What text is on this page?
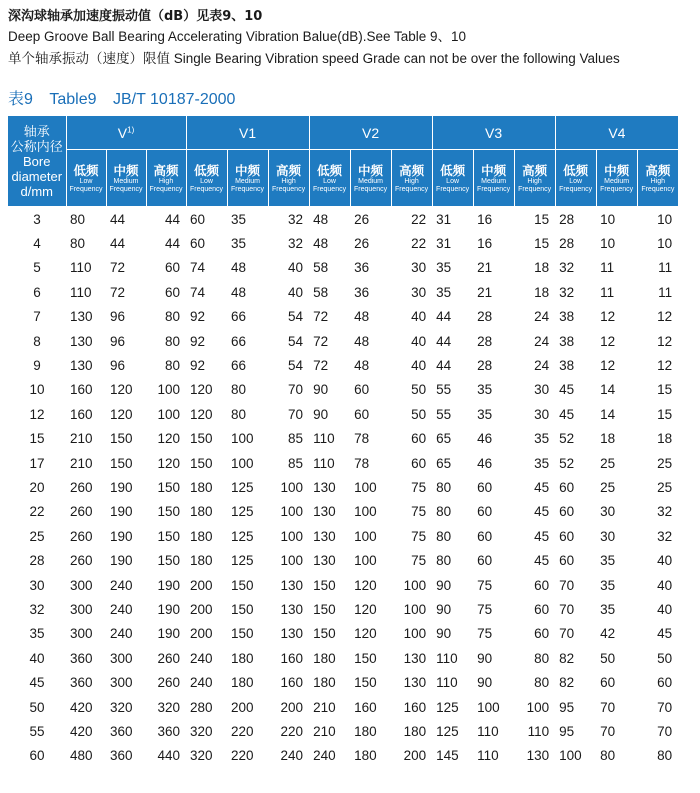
深沟球轴承加速度振动值（dB）见表9、10
Deep Groove Ball Bearing Accelerating Vibration Balue(dB).See Table 9、10
单个轴承振动（速度）限值 Single Bearing Vibration speed Grade can not be over the following Values
表9 Table9 JB/T 10187-2000
轴承
公称内径
Bore
diameter
d/mm	$V^{1)}$			V1			V2			V3			V4		

	低频
Low
Frequency	中频
Medium
Frequency	高频
High
Frequency	低频
Low
Frequency	中频
Medium
Frequency	高频
High
Frequency	低频
Low
Frequency	中频
Medium
Frequency	高频
High
Frequency	低频
Low
Frequency	中频
Medium
Frequency	高频
High
Frequency	低频
Low
Frequency	中频
Medium
Frequency	高频
High
Frequency

3	80	44	44	60	35	32	48	26	22	31	16	15	28	10	10
4	80	44	44	60	35	32	48	26	22	31	16	15	28	10	10
5	110	72	60	74	48	40	58	36	30	35	21	18	32	11	11
6	110	72	60	74	48	40	58	36	30	35	21	18	32	11	11
7	130	96	80	92	66	54	72	48	40	44	28	24	38	12	12
8	130	96	80	92	66	54	72	48	40	44	28	24	38	12	12
9	130	96	80	92	66	54	72	48	40	44	28	24	38	12	12
10	160	120	100	120	80	70	90	60	50	55	35	30	45	14	15
12	160	120	100	120	80	70	90	60	50	55	35	30	45	14	15
15	210	150	120	150	100	85	110	78	60	65	46	35	52	18	18
17	210	150	120	150	100	85	110	78	60	65	46	35	52	25	25
20	260	190	150	180	125	100	130	100	75	80	60	45	60	25	25
22	260	190	150	180	125	100	130	100	75	80	60	45	60	30	32
25	260	190	150	180	125	100	130	100	75	80	60	45	60	30	32
28	260	190	150	180	125	100	130	100	75	80	60	45	60	35	40
30	300	240	190	200	150	130	150	120	100	90	75	60	70	35	40
32	300	240	190	200	150	130	150	120	100	90	75	60	70	35	40
35	300	240	190	200	150	130	150	120	100	90	75	60	70	42	45
40	360	300	260	240	180	160	180	150	130	110	90	80	82	50	50
45	360	300	260	240	180	160	180	150	130	110	90	80	82	60	60
50	420	320	320	280	200	200	210	160	160	125	100	100	95	70	70
55	420	360	360	320	220	220	210	180	180	125	110	110	95	70	70
60	480	360	440	320	220	240	240	180	200	145	110	130	100	80	80
